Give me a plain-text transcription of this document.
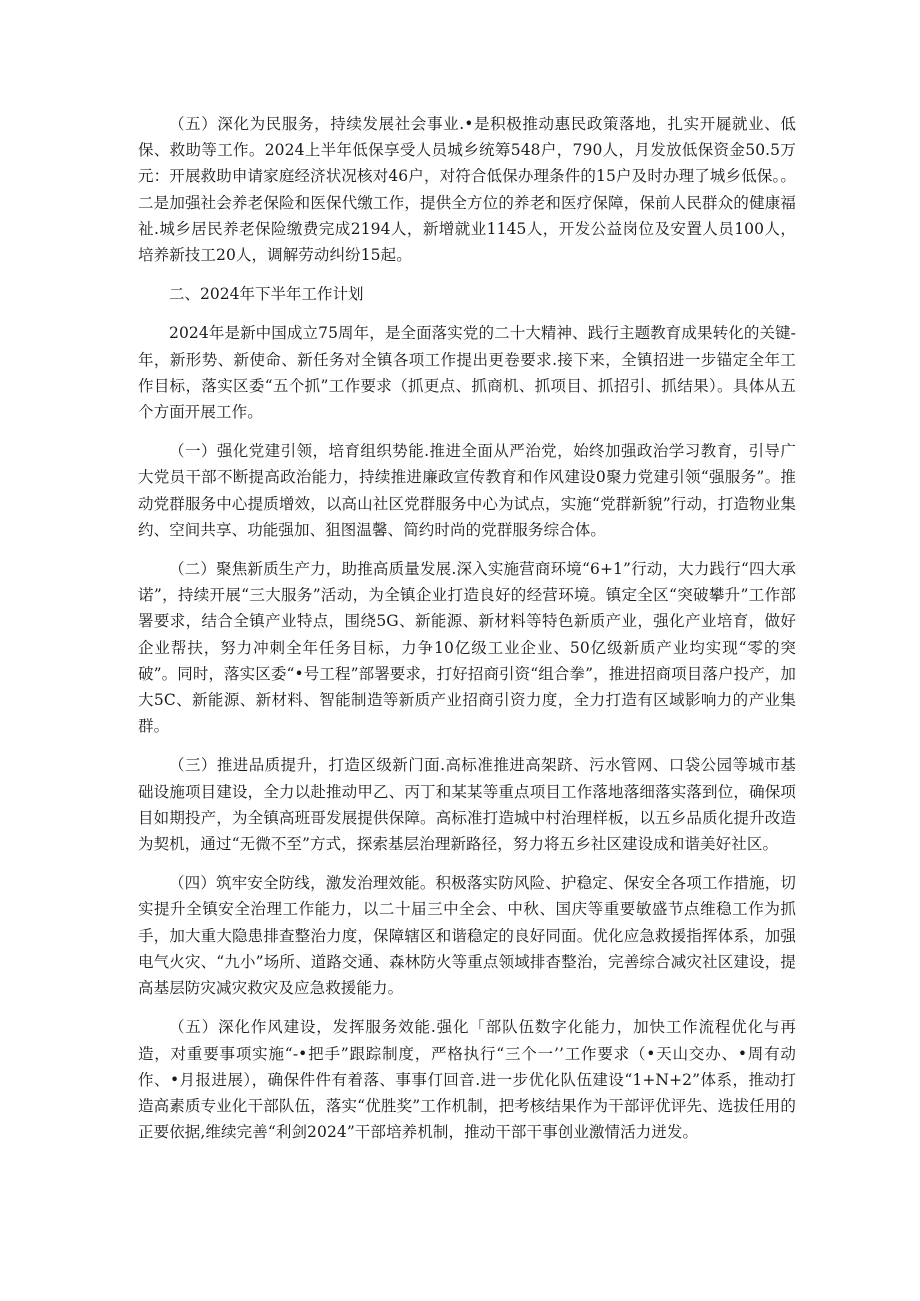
（五）深化为民服务，持续发展社会事业.•是积极推动惠民政策落地，扎实开屣就业、低保、救助等工作。2024上半年低保享受人员城乡统筹548户，790人，月发放低保资金50.5万元：开展救助申请家庭经济状况核对46户，对符合低保办理条件的15户及时办理了城乡低保。。二是加强社会养老保险和医保代缴工作，提供全方位的养老和医疗保障，保前人民群众的健康福祉.城乡居民养老保险缴费完成2194人，新增就业1145人，开发公益岗位及安置人员100人，培养新技工20人，调解劳动纠纷15起。

二、2024年下半年工作计划

2024年是新中国成立75周年，是全面落实党的二十大精神、践行主题教育成果转化的关键-年，新形势、新使命、新任务对全镇各项工作提出更卷要求.接下来，全镇招进一步锚定全年工作目标，落实区委“五个抓”工作要求（抓更点、抓商机、抓项目、抓招引、抓结果）。具体从五个方面开展工作。

（一）强化党建引领，培育组织势能.推进全面从严治党，始终加强政治学习教育，引导广大党员干部不断提高政治能力，持续推进廉政宣传教育和作风建设0聚力党建引领“强服务”。推动党群服务中心提质增效，以高山社区党群服务中心为试点，实施“党群新貌”行动，打造物业集约、空间共享、功能强加、狙图温馨、简约时尚的党群服务综合体。

（二）聚焦新质生产力，助推高质量发展.深入实施营商环境“6+1”行动，大力践行“四大承诺”，持续开展“三大服务”活动，为全镇企业打造良好的经营环境。镇定全区“突破攀升”工作部署要求，结合全镇产业特点，围绕5G、新能源、新材料等特色新质产业，强化产业培育，做好企业帮扶，努力冲刺全年任务目标，力争10亿级工业企业、50亿级新质产业均实现“零的突破”。同时，落实区委“•号工程”部署要求，打好招商引资“组合拳”，推进招商项目落户投产，加大5C、新能源、新材料、智能制造等新质产业招商引资力度，全力打造有区域影响力的产业集群。

（三）推进品质提升，打造区级新门面.高标准推进高架跻、污水管网、口袋公园等城市基础设施项目建设，全力以赴推动甲乙、丙丁和某某等重点项目工作落地落细落实落到位，确保项目如期投产，为全镇高班哥发展提供保障。高标准打造城中村治理样板，以五乡品质化提升改造为契机，通过“无微不至”方式，探索基层治理新路径，努力将五乡社区建设成和谐美好社区。

（四）筑牢安全防线，激发治理效能。积极落实防风险、护稳定、保安全各项工作措施，切实提升全镇安全治理工作能力，以二十届三中全会、中秋、国庆等重要敏盛节点维稳工作为抓手，加大重大隐患排查整治力度，保障辖区和谐稳定的良好同面。优化应急救援指挥体系，加强电气火灾、“九小”场所、道路交通、森林防火等重点领域排杳整治，完善综合减灾社区建设，提高基层防灾减灾救灾及应急救援能力。

（五）深化作风建设，发挥服务效能.强化「部队伍数字化能力，加快工作流程优化与再造，对重要事项实施“-•把手”跟踪制度，严格执行“三个一’’工作要求（•天山交办、•周有动作、•月报进展），确保件件有着落、事事仃回音.进一步优化队伍建设“1+N+2”体系，推动打造高素质专业化干部队伍，落实“优胜奖”工作机制，把考核结果作为干部评优评先、选拔任用的正要依据,维续完善“利剑2024”干部培养机制，推动干部干事创业激情活力迸发。
